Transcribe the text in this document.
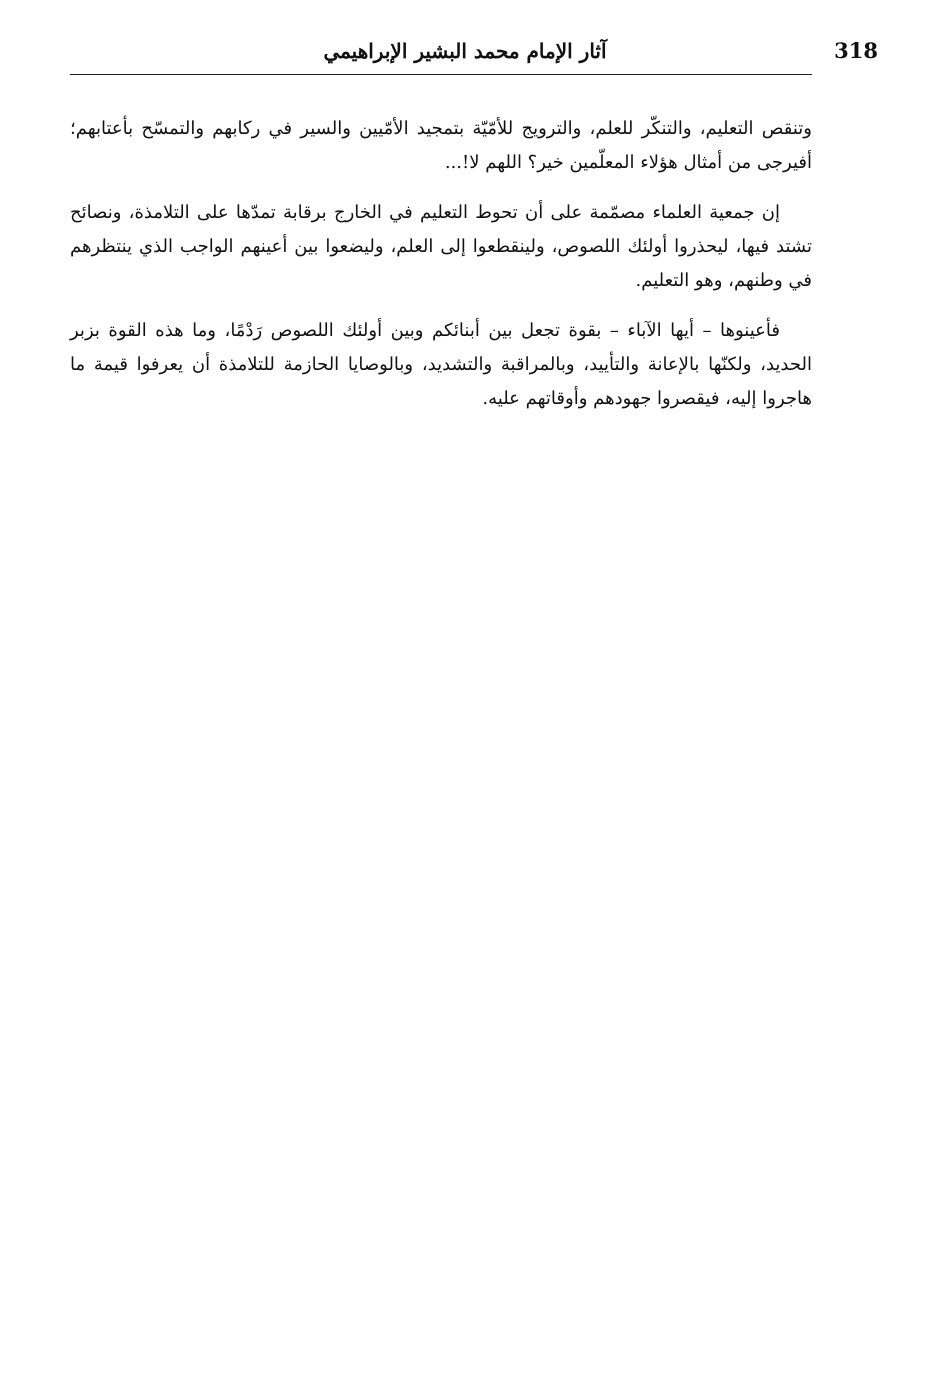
آثار الإمام محمد البشير الإبراهيمي	318

وتنقص التعليم، والتنكّر للعلم، والترويج للأمّيّة بتمجيد الأمّيين والسير في ركابهم والتمسّح بأعتابهم؛ أفيرجى من أمثال هؤلاء المعلّمين خير؟ اللهم لا!...

إن جمعية العلماء مصمّمة على أن تحوط التعليم في الخارج برقابة تمدّها على التلامذة، ونصائح تشتد فيها، ليحذروا أولئك اللصوص، ولينقطعوا إلى العلم، وليضعوا بين أعينهم الواجب الذي ينتظرهم في وطنهم، وهو التعليم.

فأعينوها – أيها الآباء – بقوة تجعل بين أبنائكم وبين أولئك اللصوص رَدْمًا، وما هذه القوة بزبر الحديد، ولكنّها بالإعانة والتأييد، وبالمراقبة والتشديد، وبالوصايا الحازمة للتلامذة أن يعرفوا قيمة ما هاجروا إليه، فيقصروا جهودهم وأوقاتهم عليه.
